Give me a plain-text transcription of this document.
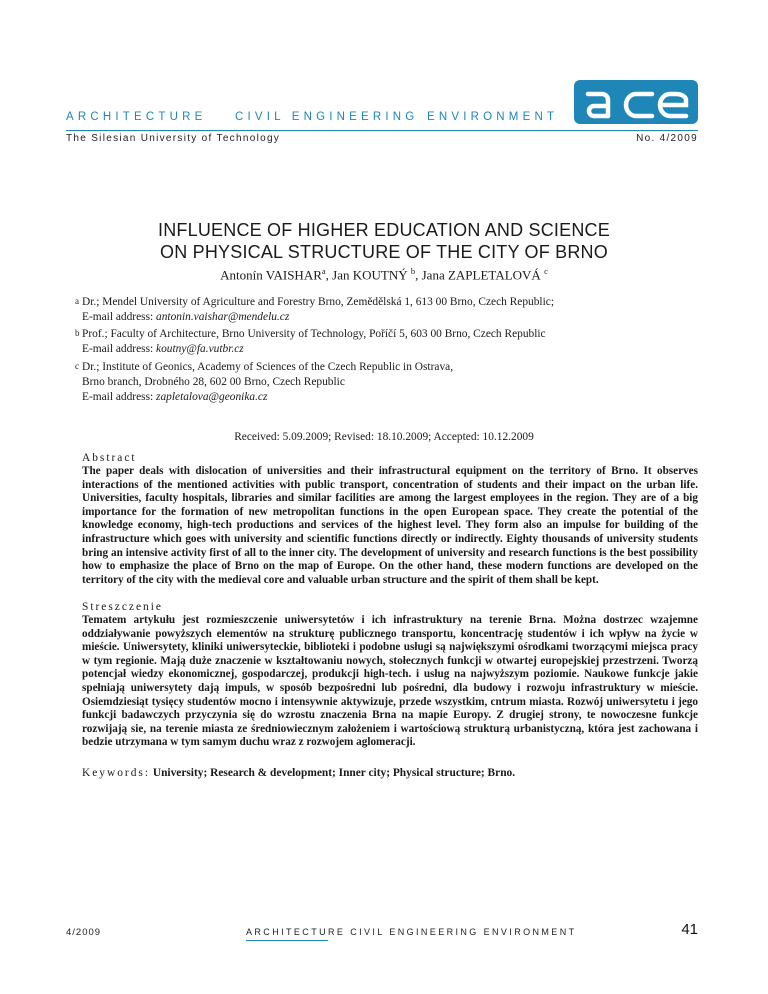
ARCHITECTURE CIVIL ENGINEERING ENVIRONMENT
The Silesian University of Technology	No. 4/2009
a	c	e
INFLUENCE OF HIGHER EDUCATION AND SCIENCE
ON PHYSICAL STRUCTURE OF THE CITY OF BRNO
Antonín VAISHAR$^a$, Jan KOUTNÝ $^b$, Jana ZAPLETALOVÁ $^c$
a Dr.; Mendel University of Agriculture and Forestry Brno, Zemědělská 1, 613 00 Brno, Czech Republic;
E-mail address: antonin.vaishar@mendelu.cz
b Prof.; Faculty of Architecture, Brno University of Technology, Poříčí 5, 603 00 Brno, Czech Republic
E-mail address: koutny@fa.vutbr.cz
c Dr.; Institute of Geonics, Academy of Sciences of the Czech Republic in Ostrava,
Brno branch, Drobného 28, 602 00 Brno, Czech Republic
E-mail address: zapletalova@geonika.cz
Received: 5.09.2009; Revised: 18.10.2009; Accepted: 10.12.2009
Abstract
The paper deals with dislocation of universities and their infrastructural equipment on the territory of Brno. It observes interactions of the mentioned activities with public transport, concentration of students and their impact on the urban life. Universities, faculty hospitals, libraries and similar facilities are among the largest employees in the region. They are of a big importance for the formation of new metropolitan functions in the open European space. They create the potential of the knowledge economy, high-tech productions and services of the highest level. They form also an impulse for building of the infrastructure which goes with university and scientific functions directly or indirectly. Eighty thousands of university students bring an intensive activity first of all to the inner city. The development of university and research functions is the best possibility how to emphasize the place of Brno on the map of Europe. On the other hand, these modern functions are developed on the territory of the city with the medieval core and valuable urban structure and the spirit of them shall be kept.
Streszczenie
Tematem artykułu jest rozmieszczenie uniwersytetów i ich infrastruktury na terenie Brna. Można dostrzec wzajemne oddziaływanie powyższych elementów na strukturę publicznego transportu, koncentrację studentów i ich wpływ na życie w mieście. Uniwersytety, kliniki uniwersyteckie, biblioteki i podobne usługi są największymi ośrodkami tworzącymi miejsca pracy w tym regionie. Mają duże znaczenie w kształtowaniu nowych, stołecznych funkcji w otwartej europejskiej przestrzeni. Tworzą potencjał wiedzy ekonomicznej, gospodarczej, produkcji high-tech. i usług na najwyższym poziomie. Naukowe funkcje jakie spełniają uniwersytety dają impuls, w sposób bezpośredni lub pośredni, dla budowy i rozwoju infrastruktury w mieście. Osiemdziesiąt tysięcy studentów mocno i intensywnie aktywizuje, przede wszystkim, cntrum miasta. Rozwój uniwersytetu i jego funkcji badawczych przyczynia się do wzrostu znaczenia Brna na mapie Europy. Z drugiej strony, te nowoczesne funkcje rozwijają sie, na terenie miasta ze średniowiecznym założeniem i wartościową strukturą urbanistyczną, która jest zachowana i bedzie utrzymana w tym samym duchu wraz z rozwojem aglomeracji.
Keywords: University; Research & development; Inner city; Physical structure; Brno.
4/2009	ARCHITECTURE CIVIL ENGINEERING ENVIRONMENT	41
